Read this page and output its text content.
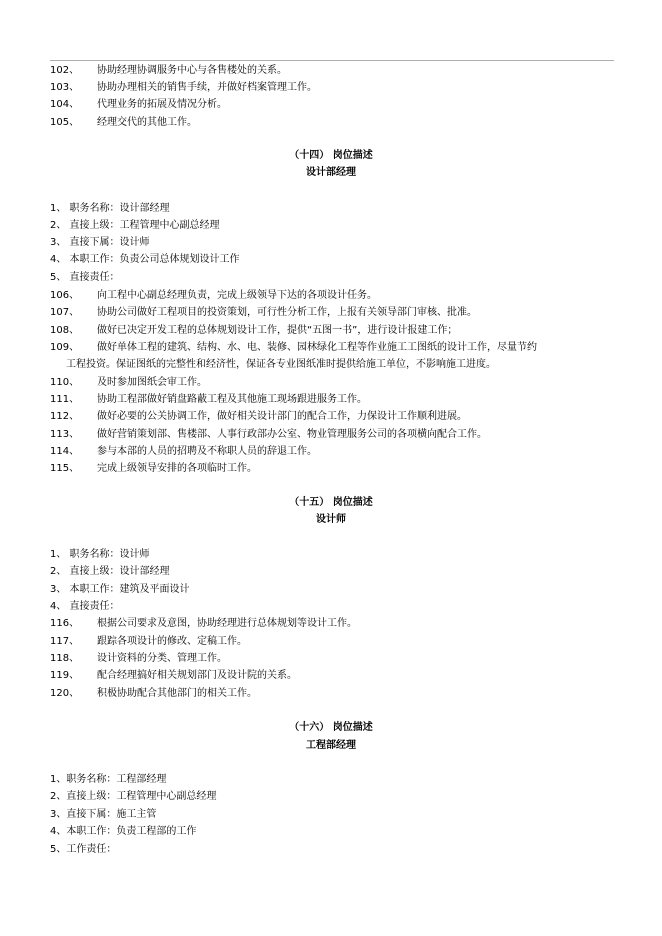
102、 协助经理协调服务中心与各售楼处的关系。
103、 协助办理相关的销售手续，并做好档案管理工作。
104、 代理业务的拓展及情况分析。
105、 经理交代的其他工作。
（十四） 岗位描述
设计部经理
1、 职务名称：设计部经理
2、 直接上级：工程管理中心副总经理
3、 直接下属：设计师
4、 本职工作：负责公司总体规划设计工作
5、 直接责任：
106、 向工程中心副总经理负责，完成上级领导下达的各项设计任务。
107、 协助公司做好工程项目的投资策划，可行性分析工作，上报有关领导部门审核、批准。
108、 做好已决定开发工程的总体规划设计工作，提供“五图一书”，进行设计报建工作；
109、 做好单体工程的建筑、结构、水、电、装修、园林绿化工程等作业施工工图纸的设计工作，尽量节约
工程投资。保证图纸的完整性和经济性，保证各专业图纸准时提供给施工单位，不影响施工进度。
110、 及时参加图纸会审工作。
111、 协助工程部做好销盘路蔽工程及其他施工现场跟进服务工作。
112、 做好必要的公关协调工作，做好相关设计部门的配合工作，力保设计工作顺利进展。
113、 做好营销策划部、售楼部、人事行政部办公室、物业管理服务公司的各项横向配合工作。
114、 参与本部的人员的招聘及不称职人员的辞退工作。
115、 完成上级领导安排的各项临时工作。
（十五） 岗位描述
设计师
1、 职务名称：设计师
2、 直接上级：设计部经理
3、 本职工作：建筑及平面设计
4、 直接责任：
116、 根据公司要求及意图，协助经理进行总体规划等设计工作。
117、 跟踪各项设计的修改、定稿工作。
118、 设计资料的分类、管理工作。
119、 配合经理搞好相关规划部门及设计院的关系。
120、 积极协助配合其他部门的相关工作。
（十六） 岗位描述
工程部经理
1、职务名称：工程部经理
2、直接上级：工程管理中心副总经理
3、直接下属：施工主管
4、本职工作：负责工程部的工作
5、工作责任：
